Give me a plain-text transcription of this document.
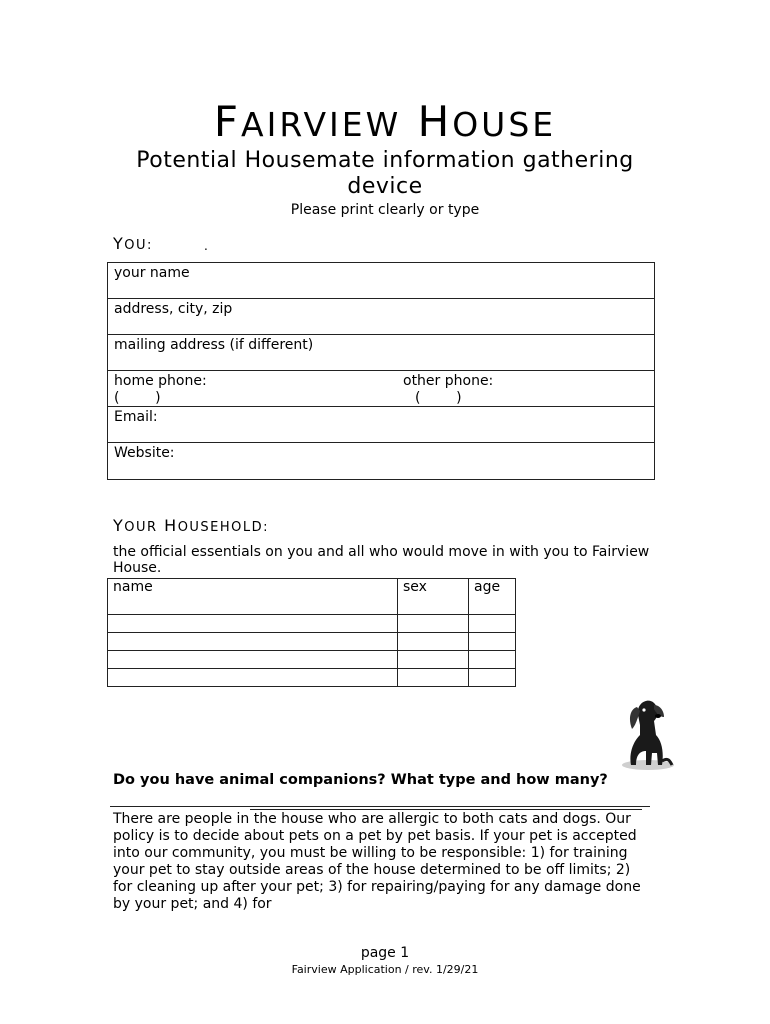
FAIRVIEW HOUSE
Potential Housemate information gathering device
Please print clearly or type
YOU:	.
your name
address, city, zip
mailing address (if different)
home phone:
(        )
other phone:
(        )
Email:
Website:
YOUR HOUSEHOLD:
the official essentials on you and all who would move in with you to Fairview House.
name	sex	age

Do you have animal companions? What type and how many?
There are people in the house who are allergic to both cats and dogs. Our policy is to decide about pets on a pet by pet basis. If your pet is accepted into our community, you must be willing to be responsible: 1) for training your pet to stay outside areas of the house determined to be off limits; 2) for cleaning up after your pet; 3) for repairing/paying for any damage done by your pet; and 4) for
page 1
Fairview Application / rev. 1/29/21
